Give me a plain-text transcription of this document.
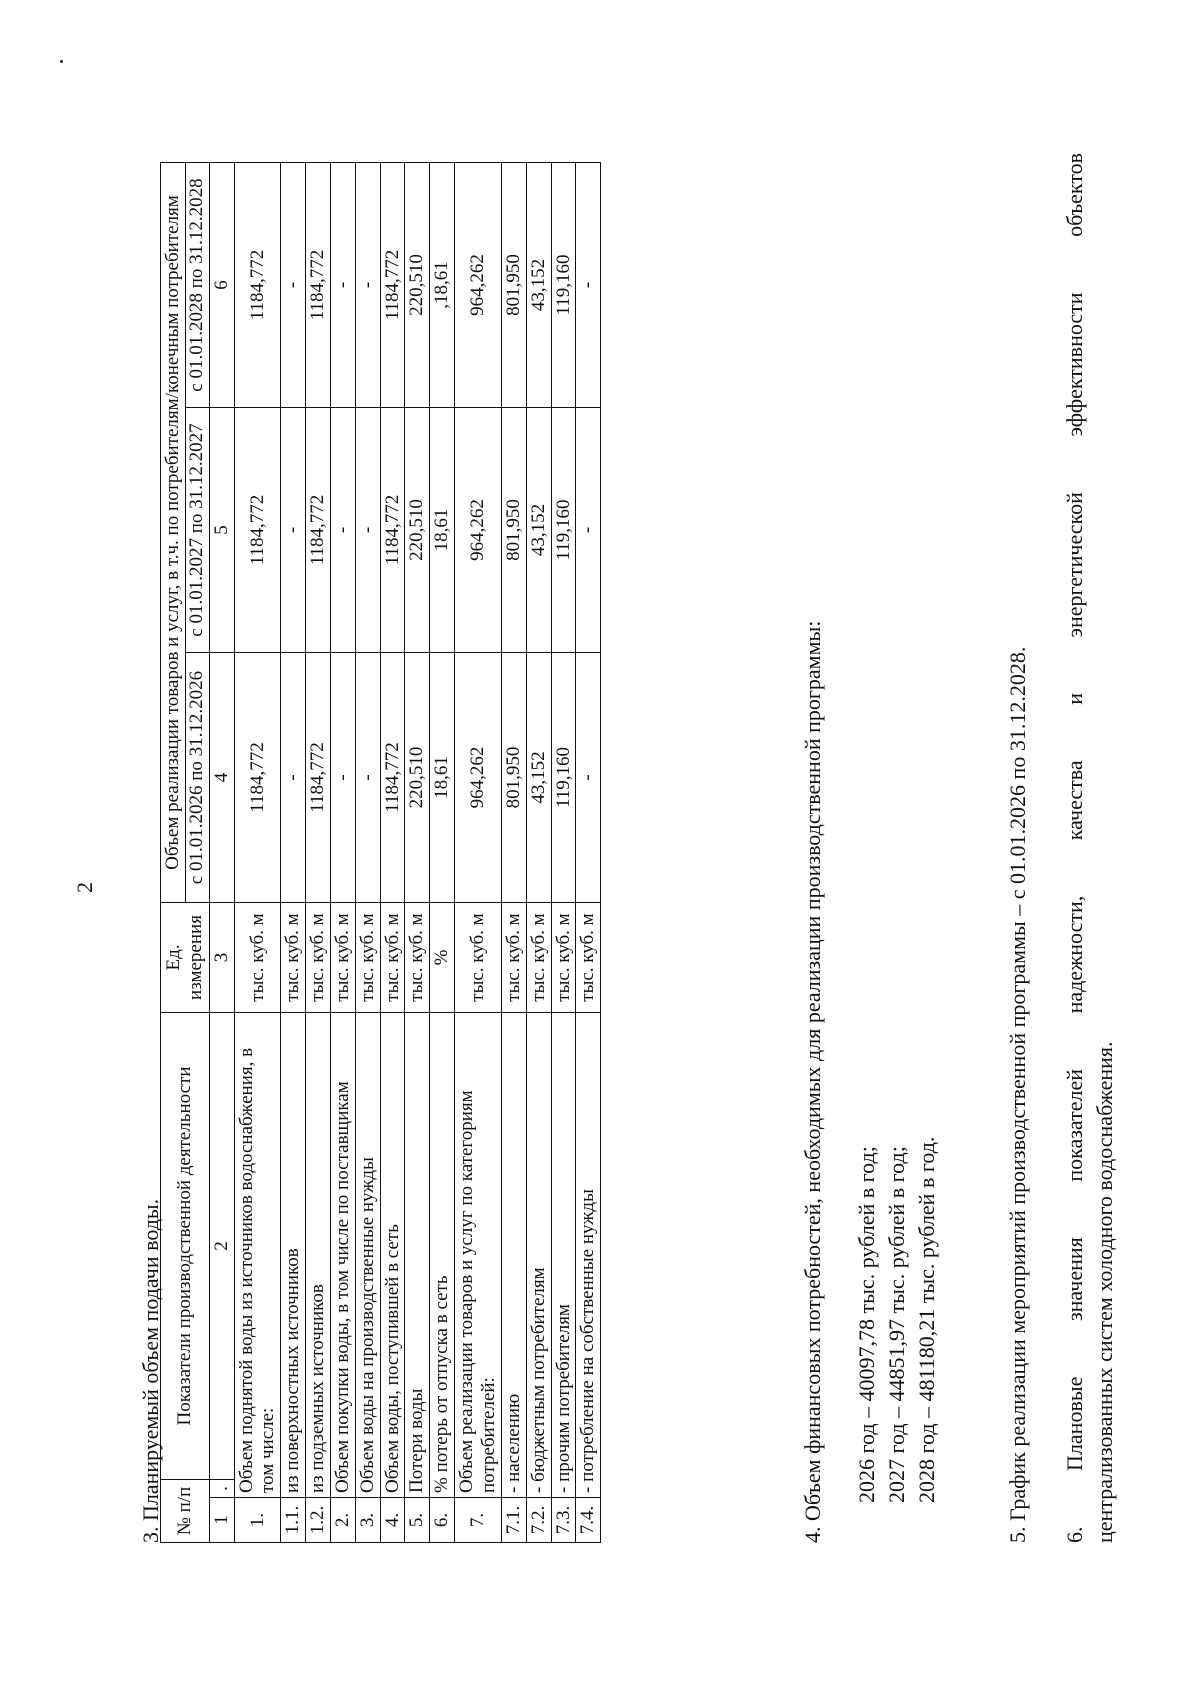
2
3. Планируемый объем подачи воды. № п/п		Показатели производственной деятельности	Ед. измерения	Объем реализации товаров и услуг, в т.ч. по потребителям/конечным потребителям		
				с 01.01.2026 по 31.12.2026	с 01.01.2027 по 31.12.2027	с 01.01.2028 по 31.12.2028
1	.	2	3	4	5	6
1.	Объем поднятой воды из источников водоснабжения, в том числе:		тыс. куб. м	1184,772	1184,772	1184,772
1.1.	из поверхностных источников		тыс. куб. м	-	-	-
1.2.	из подземных источников		тыс. куб. м	1184,772	1184,772	1184,772
2.	Объем покупки воды, в том числе по поставщикам		тыс. куб. м	-	-	-
3.	Объем воды на производственные нужды		тыс. куб. м	-	-	-
4.	Объем воды, поступившей в сеть		тыс. куб. м	1184,772	1184,772	1184,772
5.	Потери воды		тыс. куб. м	220,510	220,510	220,510
6.	% потерь от отпуска в сеть		%	18,61	18,61	,18,61
7.	Объем реализации товаров и услуг по категориям потребителей:		тыс. куб. м	964,262	964,262	964,262
7.1.	- населению		тыс. куб. м	801,950	801,950	801,950
7.2.	- бюджетным потребителям		тыс. куб. м	43,152	43,152	43,152
7.3.	- прочим потребителям		тыс. куб. м	119,160	119,160	119,160
7.4.	- потребление на собственные нужды		тыс. куб. м	-	-	-
4. Объем финансовых потребностей, необходимых для реализации производственной программы: 2026 год – 40097,78 тыс. рублей в год; 2027 год – 44851,97 тыс. рублей в год; 2028 год – 481180,21 тыс. рублей в год.	5. График реализации мероприятий производственной программы – с 01.01.2026 по 31.12.2028. 6. Плановые значения показателей надежности, качества и энергетической эффективности объектов централизованных систем холодного водоснабжения.
